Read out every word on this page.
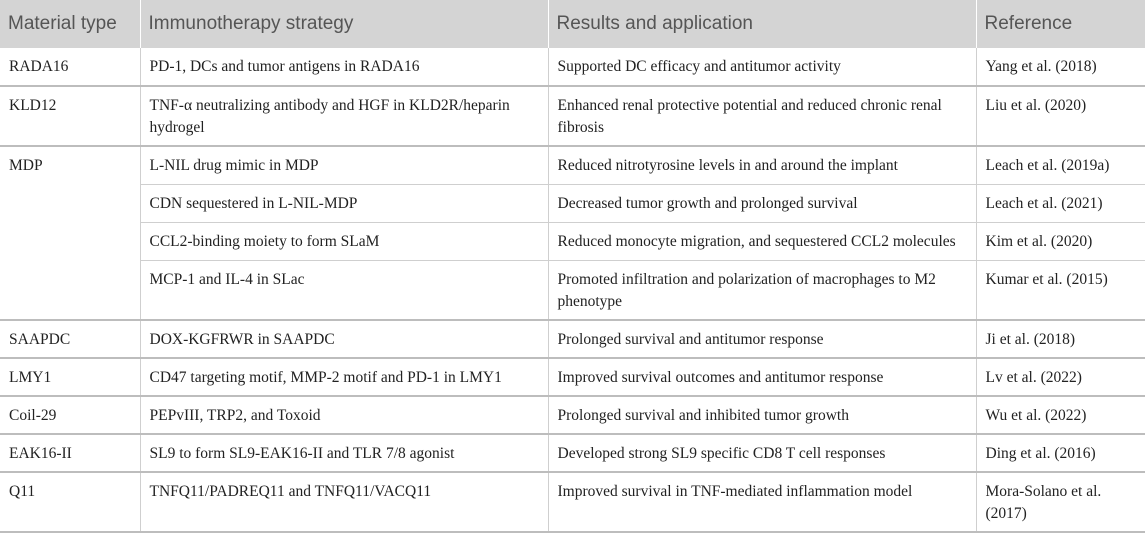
Material type	Immunotherapy strategy	Results and application	Reference
RADA16	PD-1, DCs and tumor antigens in RADA16	Supported DC efficacy and antitumor activity	Yang et al. (2018)
KLD12	TNF-α neutralizing antibody and HGF in KLD2R/heparin hydrogel	Enhanced renal protective potential and reduced chronic renal fibrosis	Liu et al. (2020)
MDP	L-NIL drug mimic in MDP	Reduced nitrotyrosine levels in and around the implant	Leach et al. (2019a)
	CDN sequestered in L-NIL-MDP	Decreased tumor growth and prolonged survival	Leach et al. (2021)
	CCL2-binding moiety to form SLaM	Reduced monocyte migration, and sequestered CCL2 molecules	Kim et al. (2020)
	MCP-1 and IL-4 in SLac	Promoted infiltration and polarization of macrophages to M2 phenotype	Kumar et al. (2015)
SAAPDC	DOX-KGFRWR in SAAPDC	Prolonged survival and antitumor response	Ji et al. (2018)
LMY1	CD47 targeting motif, MMP-2 motif and PD-1 in LMY1	Improved survival outcomes and antitumor response	Lv et al. (2022)
Coil-29	PEPvIII, TRP2, and Toxoid	Prolonged survival and inhibited tumor growth	Wu et al. (2022)
EAK16-II	SL9 to form SL9-EAK16-II and TLR 7/8 agonist	Developed strong SL9 specific CD8 T cell responses	Ding et al. (2016)
Q11	TNFQ11/PADREQ11 and TNFQ11/VACQ11	Improved survival in TNF-mediated inflammation model	Mora-Solano et al. (2017)
